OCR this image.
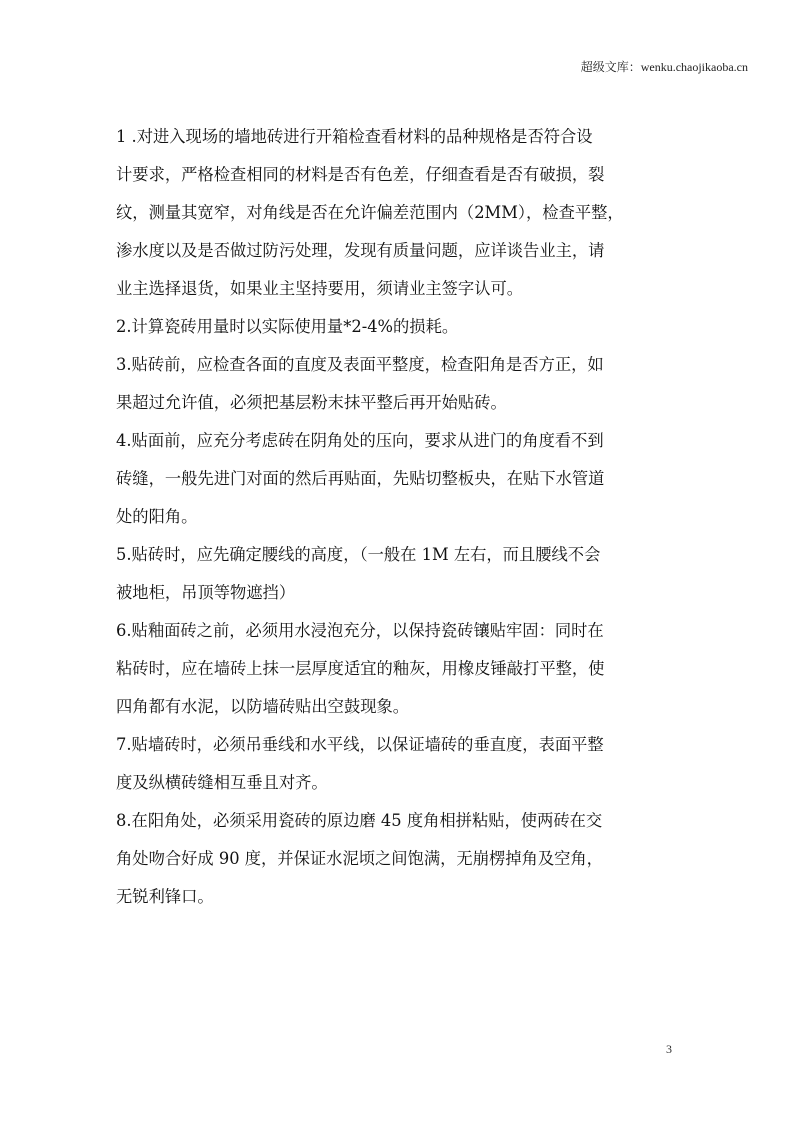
超级文库：wenku.chaojikaoba.cn
1 .对进入现场的墙地砖进行开箱检查看材料的品种规格是否符合设
计要求，严格检查相同的材料是否有色差，仔细查看是否有破损，裂
纹，测量其宽窄，对角线是否在允许偏差范围内（2MM），检查平整，
渗水度以及是否做过防污处理，发现有质量问题，应详谈告业主，请
业主选择退货，如果业主坚持要用，须请业主签字认可。
2.计算瓷砖用量时以实际使用量*2-4%的损耗。
3.贴砖前，应检查各面的直度及表面平整度，检查阳角是否方正，如
果超过允许值，必须把基层粉末抹平整后再开始贴砖。
4.贴面前，应充分考虑砖在阴角处的压向，要求从进门的角度看不到
砖缝，一般先进门对面的然后再贴面，先贴切整板央，在贴下水管道
处的阳角。
5.贴砖时，应先确定腰线的高度，（一般在 1M 左右，而且腰线不会
被地柜，吊顶等物遮挡）
6.贴釉面砖之前，必须用水浸泡充分，以保持瓷砖镶贴牢固：同时在
粘砖时，应在墙砖上抹一层厚度适宜的釉灰，用橡皮锤敲打平整，使
四角都有水泥，以防墙砖贴出空鼓现象。
7.贴墙砖时，必须吊垂线和水平线，以保证墙砖的垂直度，表面平整
度及纵横砖缝相互垂且对齐。
8.在阳角处，必须采用瓷砖的原边磨 45 度角相拼粘贴，使两砖在交
角处吻合好成 90 度，并保证水泥顷之间饱满，无崩楞掉角及空角，
无锐利锋口。
3
